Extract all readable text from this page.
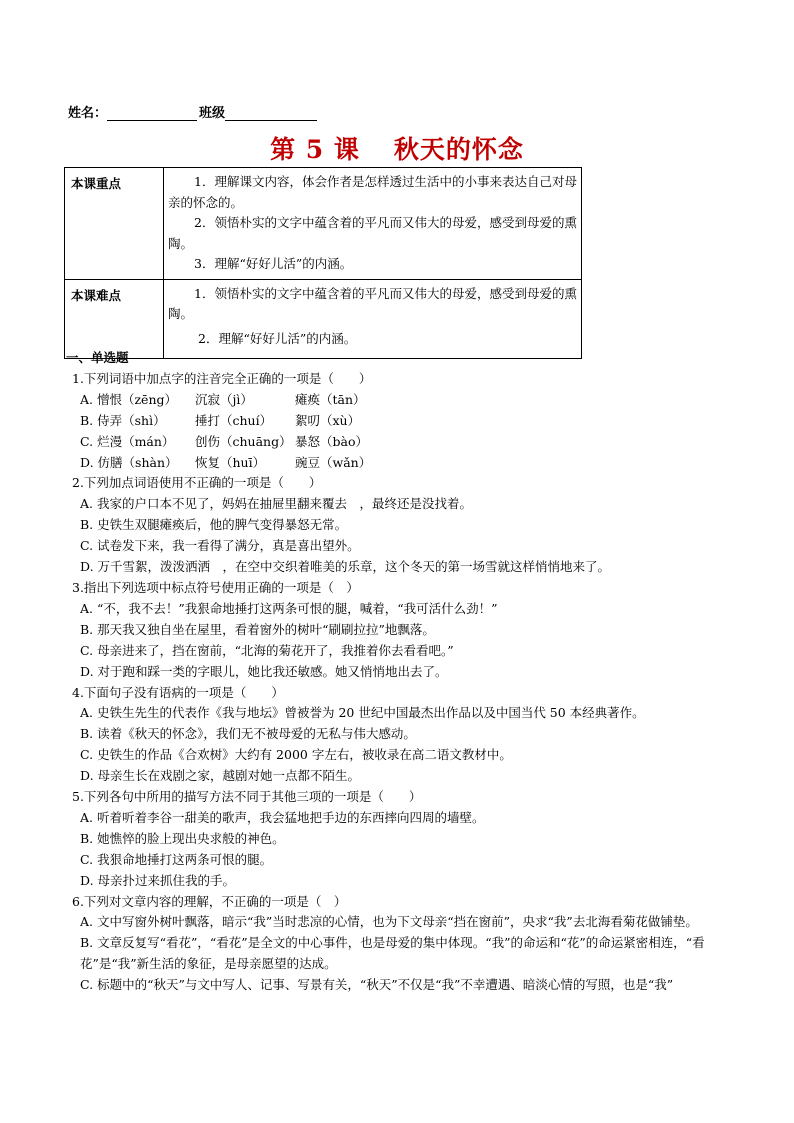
姓名：	班级
第 5 课 秋天的怀念
本课重点	1．理解课文内容，体会作者是怎样透过生活中的小事来表达自己对母亲的怀念的。
2．领悟朴实的文字中蕴含着的平凡而又伟大的母爱，感受到母爱的熏陶。
3．理解“好好儿活”的内涵。

本课难点	1．领悟朴实的文字中蕴含着的平凡而又伟大的母爱，感受到母爱的熏陶。
2．理解“好好儿活”的内涵。
一、单选题
1.下列词语中加点字的注音完全正确的一项是（　　）
A. 憎恨（zēng） 沉寂（jì）	瘫痪（tān）
B. 侍弄（shì） 捶打（chuí） 絮叨（xù）
C. 烂漫（mán） 创伤（chuāng） 暴怒（bào）
D. 仿膳（shàn） 恢复（huī） 豌豆（wǎn）
2.下列加点词语使用不正确的一项是（　　）
A. 我家的户口本不见了，妈妈在抽屉里翻来覆去　，最终还是没找着。
B. 史铁生双腿瘫痪后，他的脾气变得暴怒无常。
C. 试卷发下来，我一看得了满分，真是喜出望外。
D. 万千雪絮，泼泼洒洒　，在空中交织着唯美的乐章，这个冬天的第一场雪就这样悄悄地来了。
3.指出下列选项中标点符号使用正确的一项是（　）
A. “不，我不去！”我狠命地捶打这两条可恨的腿，喊着，“我可活什么劲！”
B. 那天我又独自坐在屋里，看着窗外的树叶“刷刷拉拉”地飘落。
C. 母亲进来了，挡在窗前，“北海的菊花开了，我推着你去看看吧。”
D. 对于跑和踩一类的字眼儿，她比我还敏感。她又悄悄地出去了。
4.下面句子没有语病的一项是（　　）
A. 史铁生先生的代表作《我与地坛》曾被誉为 20 世纪中国最杰出作品以及中国当代 50 本经典著作。
B. 读着《秋天的怀念》，我们无不被母爱的无私与伟大感动。
C. 史铁生的作品《合欢树》大约有 2000 字左右，被收录在高二语文教材中。
D. 母亲生长在戏剧之家，越剧对她一点都不陌生。
5.下列各句中所用的描写方法不同于其他三项的一项是（　　）
A. 听着听着李谷一甜美的歌声，我会猛地把手边的东西摔向四周的墙壁。
B. 她憔悴的脸上现出央求般的神色。
C. 我狠命地捶打这两条可恨的腿。
D. 母亲扑过来抓住我的手。
6.下列对文章内容的理解，不正确的一项是（　）
A. 文中写窗外树叶飘落，暗示“我”当时悲凉的心情，也为下文母亲“挡在窗前”，央求“我”去北海看菊花做铺垫。
B. 文章反复写“看花”，“看花”是全文的中心事件，也是母爱的集中体现。“我”的命运和“花”的命运紧密相连，“看花”是“我”新生活的象征，是母亲愿望的达成。
C. 标题中的“秋天”与文中写人、记事、写景有关，“秋天”不仅是“我”不幸遭遇、暗淡心情的写照，也是“我”
